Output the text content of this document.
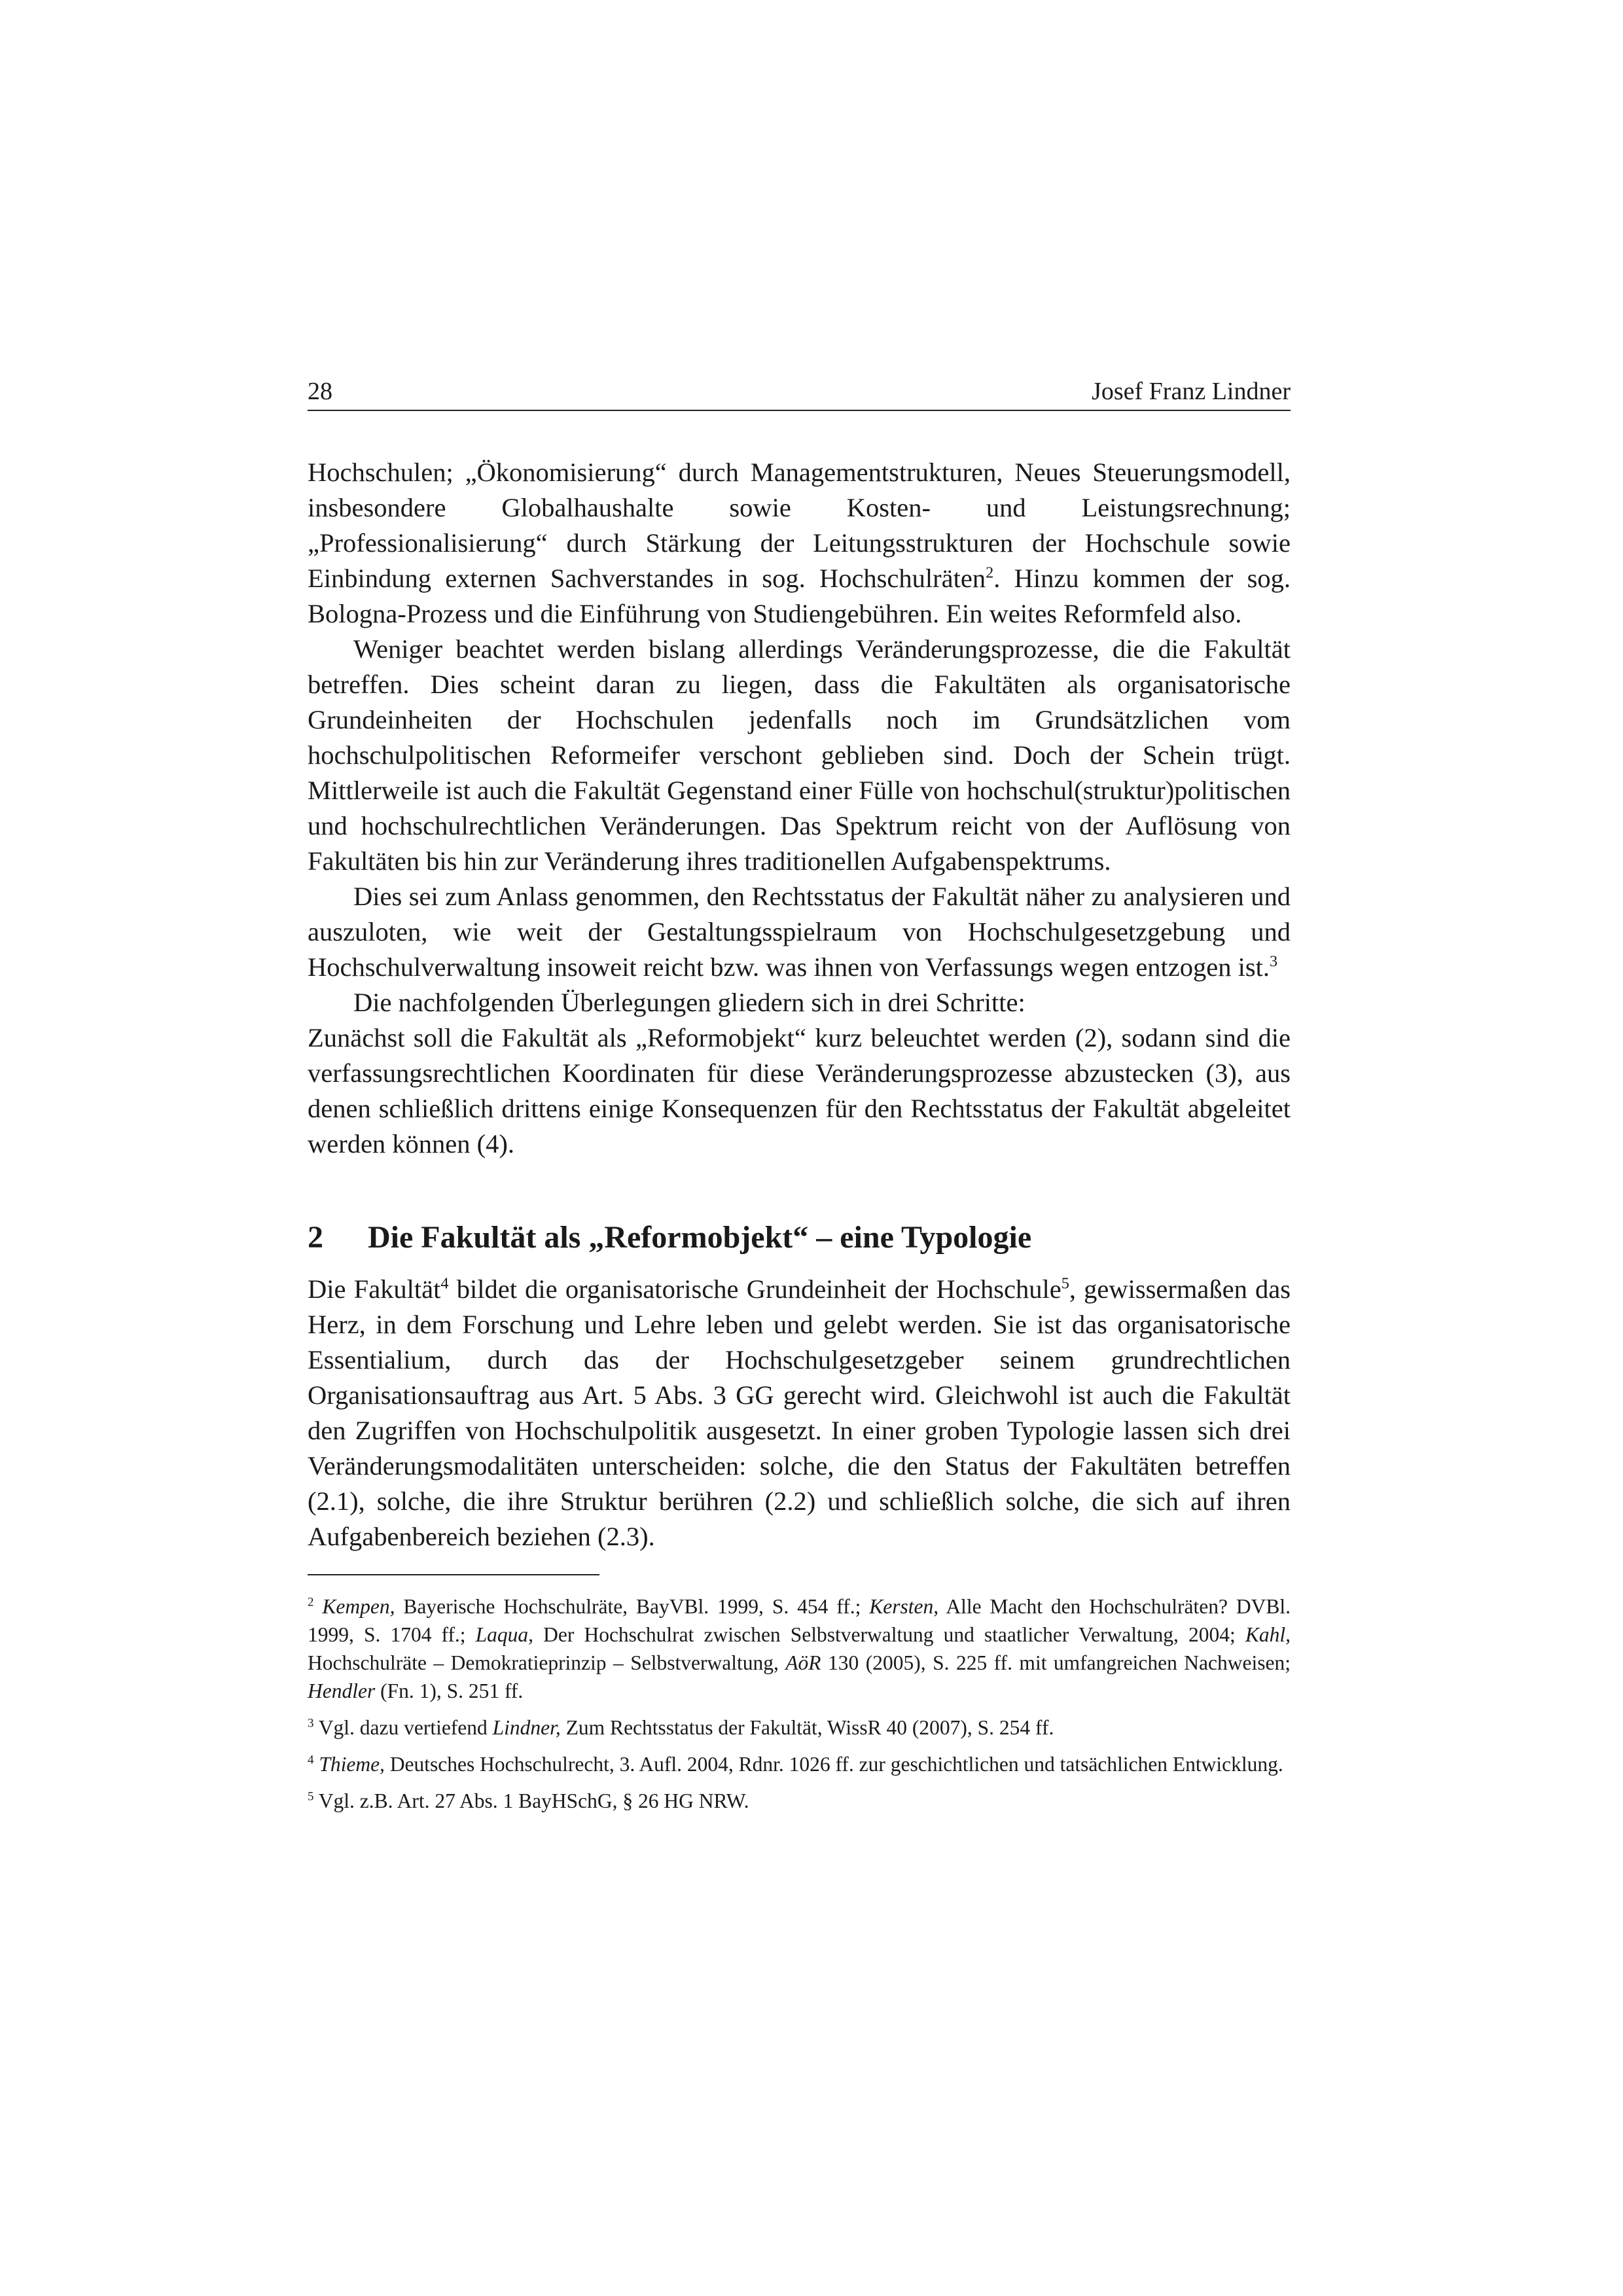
28	Josef Franz Lindner

Hochschulen; „Ökonomisierung“ durch Managementstrukturen, Neues Steuerungsmodell, insbesondere Globalhaushalte sowie Kosten- und Leistungsrechnung; „Professionalisierung“ durch Stärkung der Leitungsstrukturen der Hochschule sowie Einbindung externen Sachverstandes in sog. Hochschulräten$^2$. Hinzu kommen der sog. Bologna-Prozess und die Einführung von Studiengebühren. Ein weites Reformfeld also.

Weniger beachtet werden bislang allerdings Veränderungsprozesse, die die Fakultät betreffen. Dies scheint daran zu liegen, dass die Fakultäten als organisatorische Grundeinheiten der Hochschulen jedenfalls noch im Grundsätzlichen vom hochschulpolitischen Reformeifer verschont geblieben sind. Doch der Schein trügt. Mittlerweile ist auch die Fakultät Gegenstand einer Fülle von hochschul(struktur)politischen und hochschulrechtlichen Veränderungen. Das Spektrum reicht von der Auflösung von Fakultäten bis hin zur Veränderung ihres traditionellen Aufgabenspektrums.

Dies sei zum Anlass genommen, den Rechtsstatus der Fakultät näher zu analysieren und auszuloten, wie weit der Gestaltungsspielraum von Hochschulgesetzgebung und Hochschulverwaltung insoweit reicht bzw. was ihnen von Verfassungs wegen entzogen ist.$^3$

Die nachfolgenden Überlegungen gliedern sich in drei Schritte:

Zunächst soll die Fakultät als „Reformobjekt“ kurz beleuchtet werden (2), sodann sind die verfassungsrechtlichen Koordinaten für diese Veränderungsprozesse abzustecken (3), aus denen schließlich drittens einige Konsequenzen für den Rechtsstatus der Fakultät abgeleitet werden können (4).

2 Die Fakultät als „Reformobjekt“ – eine Typologie

Die Fakultät$^4$ bildet die organisatorische Grundeinheit der Hochschule$^5$, gewissermaßen das Herz, in dem Forschung und Lehre leben und gelebt werden. Sie ist das organisatorische Essentialium, durch das der Hochschulgesetzgeber seinem grundrechtlichen Organisationsauftrag aus Art. 5 Abs. 3 GG gerecht wird. Gleichwohl ist auch die Fakultät den Zugriffen von Hochschulpolitik ausgesetzt. In einer groben Typologie lassen sich drei Veränderungsmodalitäten unterscheiden: solche, die den Status der Fakultäten betreffen (2.1), solche, die ihre Struktur berühren (2.2) und schließlich solche, die sich auf ihren Aufgabenbereich beziehen (2.3).

$^2$ Kempen, Bayerische Hochschulräte, BayVBl. 1999, S. 454 ff.; Kersten, Alle Macht den Hochschulräten? DVBl. 1999, S. 1704 ff.; Laqua, Der Hochschulrat zwischen Selbstverwaltung und staatlicher Verwaltung, 2004; Kahl, Hochschulräte – Demokratieprinzip – Selbstverwaltung, AöR 130 (2005), S. 225 ff. mit umfangreichen Nachweisen; Hendler (Fn. 1), S. 251 ff.

$^3$ Vgl. dazu vertiefend Lindner, Zum Rechtsstatus der Fakultät, WissR 40 (2007), S. 254 ff.

$^4$ Thieme, Deutsches Hochschulrecht, 3. Aufl. 2004, Rdnr. 1026 ff. zur geschichtlichen und tatsächlichen Entwicklung.

$^5$ Vgl. z.B. Art. 27 Abs. 1 BayHSchG, § 26 HG NRW.
